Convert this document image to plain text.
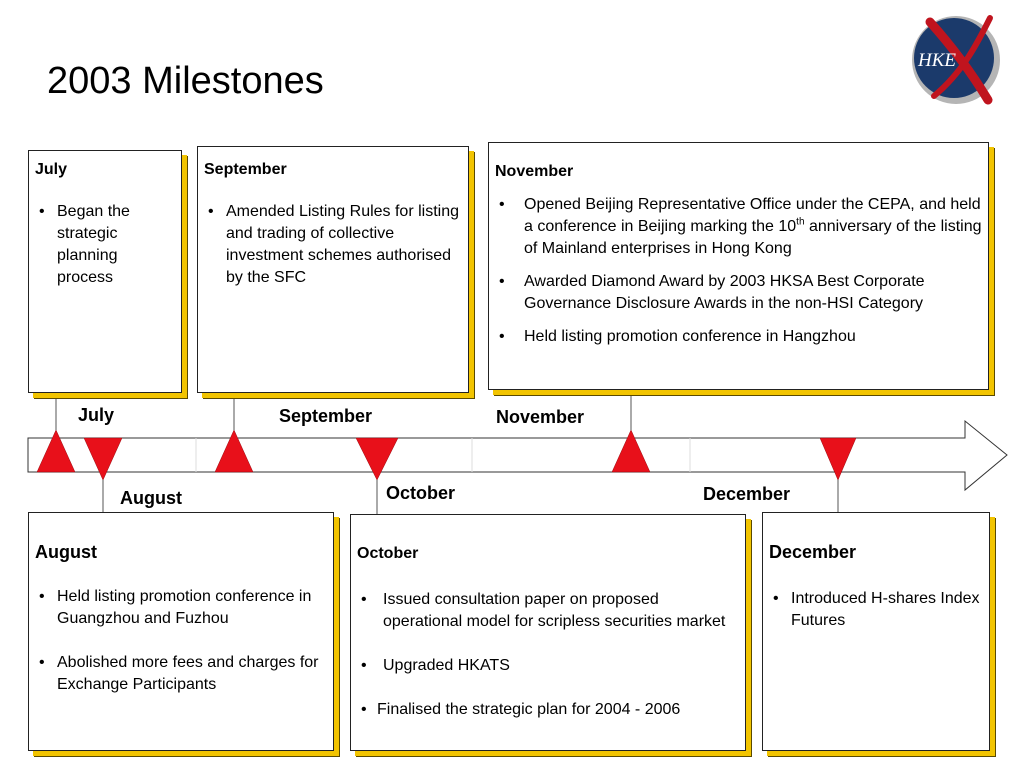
2003 Milestones	HKE
July	September	November
August	October	December
July
• Began the strategic planning process
September
• Amended Listing Rules for listing and trading of collective investment schemes authorised by the SFC
November
• Opened Beijing Representative Office under the CEPA, and held a conference in Beijing marking the 10th anniversary of the listing of Mainland enterprises in Hong Kong
• Awarded Diamond Award by 2003 HKSA Best Corporate Governance Disclosure Awards in the non-HSI Category
• Held listing promotion conference in Hangzhou
August
• Held listing promotion conference in Guangzhou and Fuzhou
• Abolished more fees and charges for Exchange Participants
October
• Issued consultation paper on proposed operational model for scripless securities market
• Upgraded HKATS
• Finalised the strategic plan for 2004 - 2006
December
• Introduced H-shares Index Futures
